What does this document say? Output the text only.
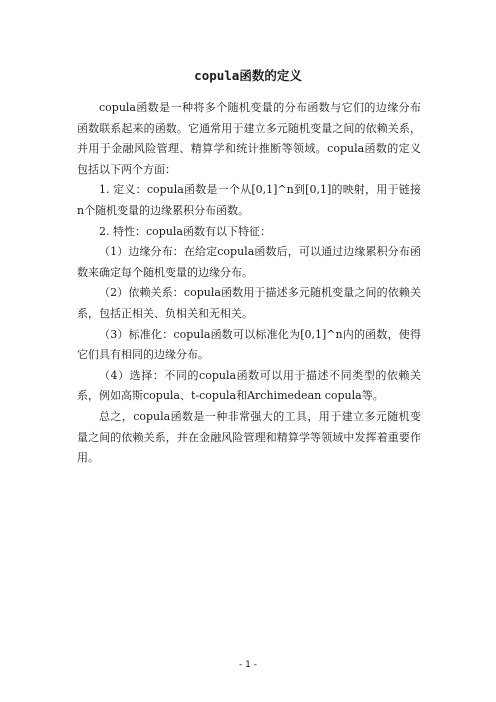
copula函数的定义

copula函数是一种将多个随机变量的分布函数与它们的边缘分布函数联系起来的函数。它通常用于建立多元随机变量之间的依赖关系，并用于金融风险管理、精算学和统计推断等领域。copula函数的定义包括以下两个方面：

1. 定义：copula函数是一个从[0,1]^n到[0,1]的映射，用于链接n个随机变量的边缘累积分布函数。

2. 特性：copula函数有以下特征：

（1）边缘分布：在给定copula函数后，可以通过边缘累积分布函数来确定每个随机变量的边缘分布。

（2）依赖关系：copula函数用于描述多元随机变量之间的依赖关系，包括正相关、负相关和无相关。

（3）标准化：copula函数可以标准化为[0,1]^n内的函数，使得它们具有相同的边缘分布。

（4）选择：不同的copula函数可以用于描述不同类型的依赖关系，例如高斯copula、t-copula和Archimedean copula等。

总之，copula函数是一种非常强大的工具，用于建立多元随机变量之间的依赖关系，并在金融风险管理和精算学等领域中发挥着重要作用。

- 1 -
